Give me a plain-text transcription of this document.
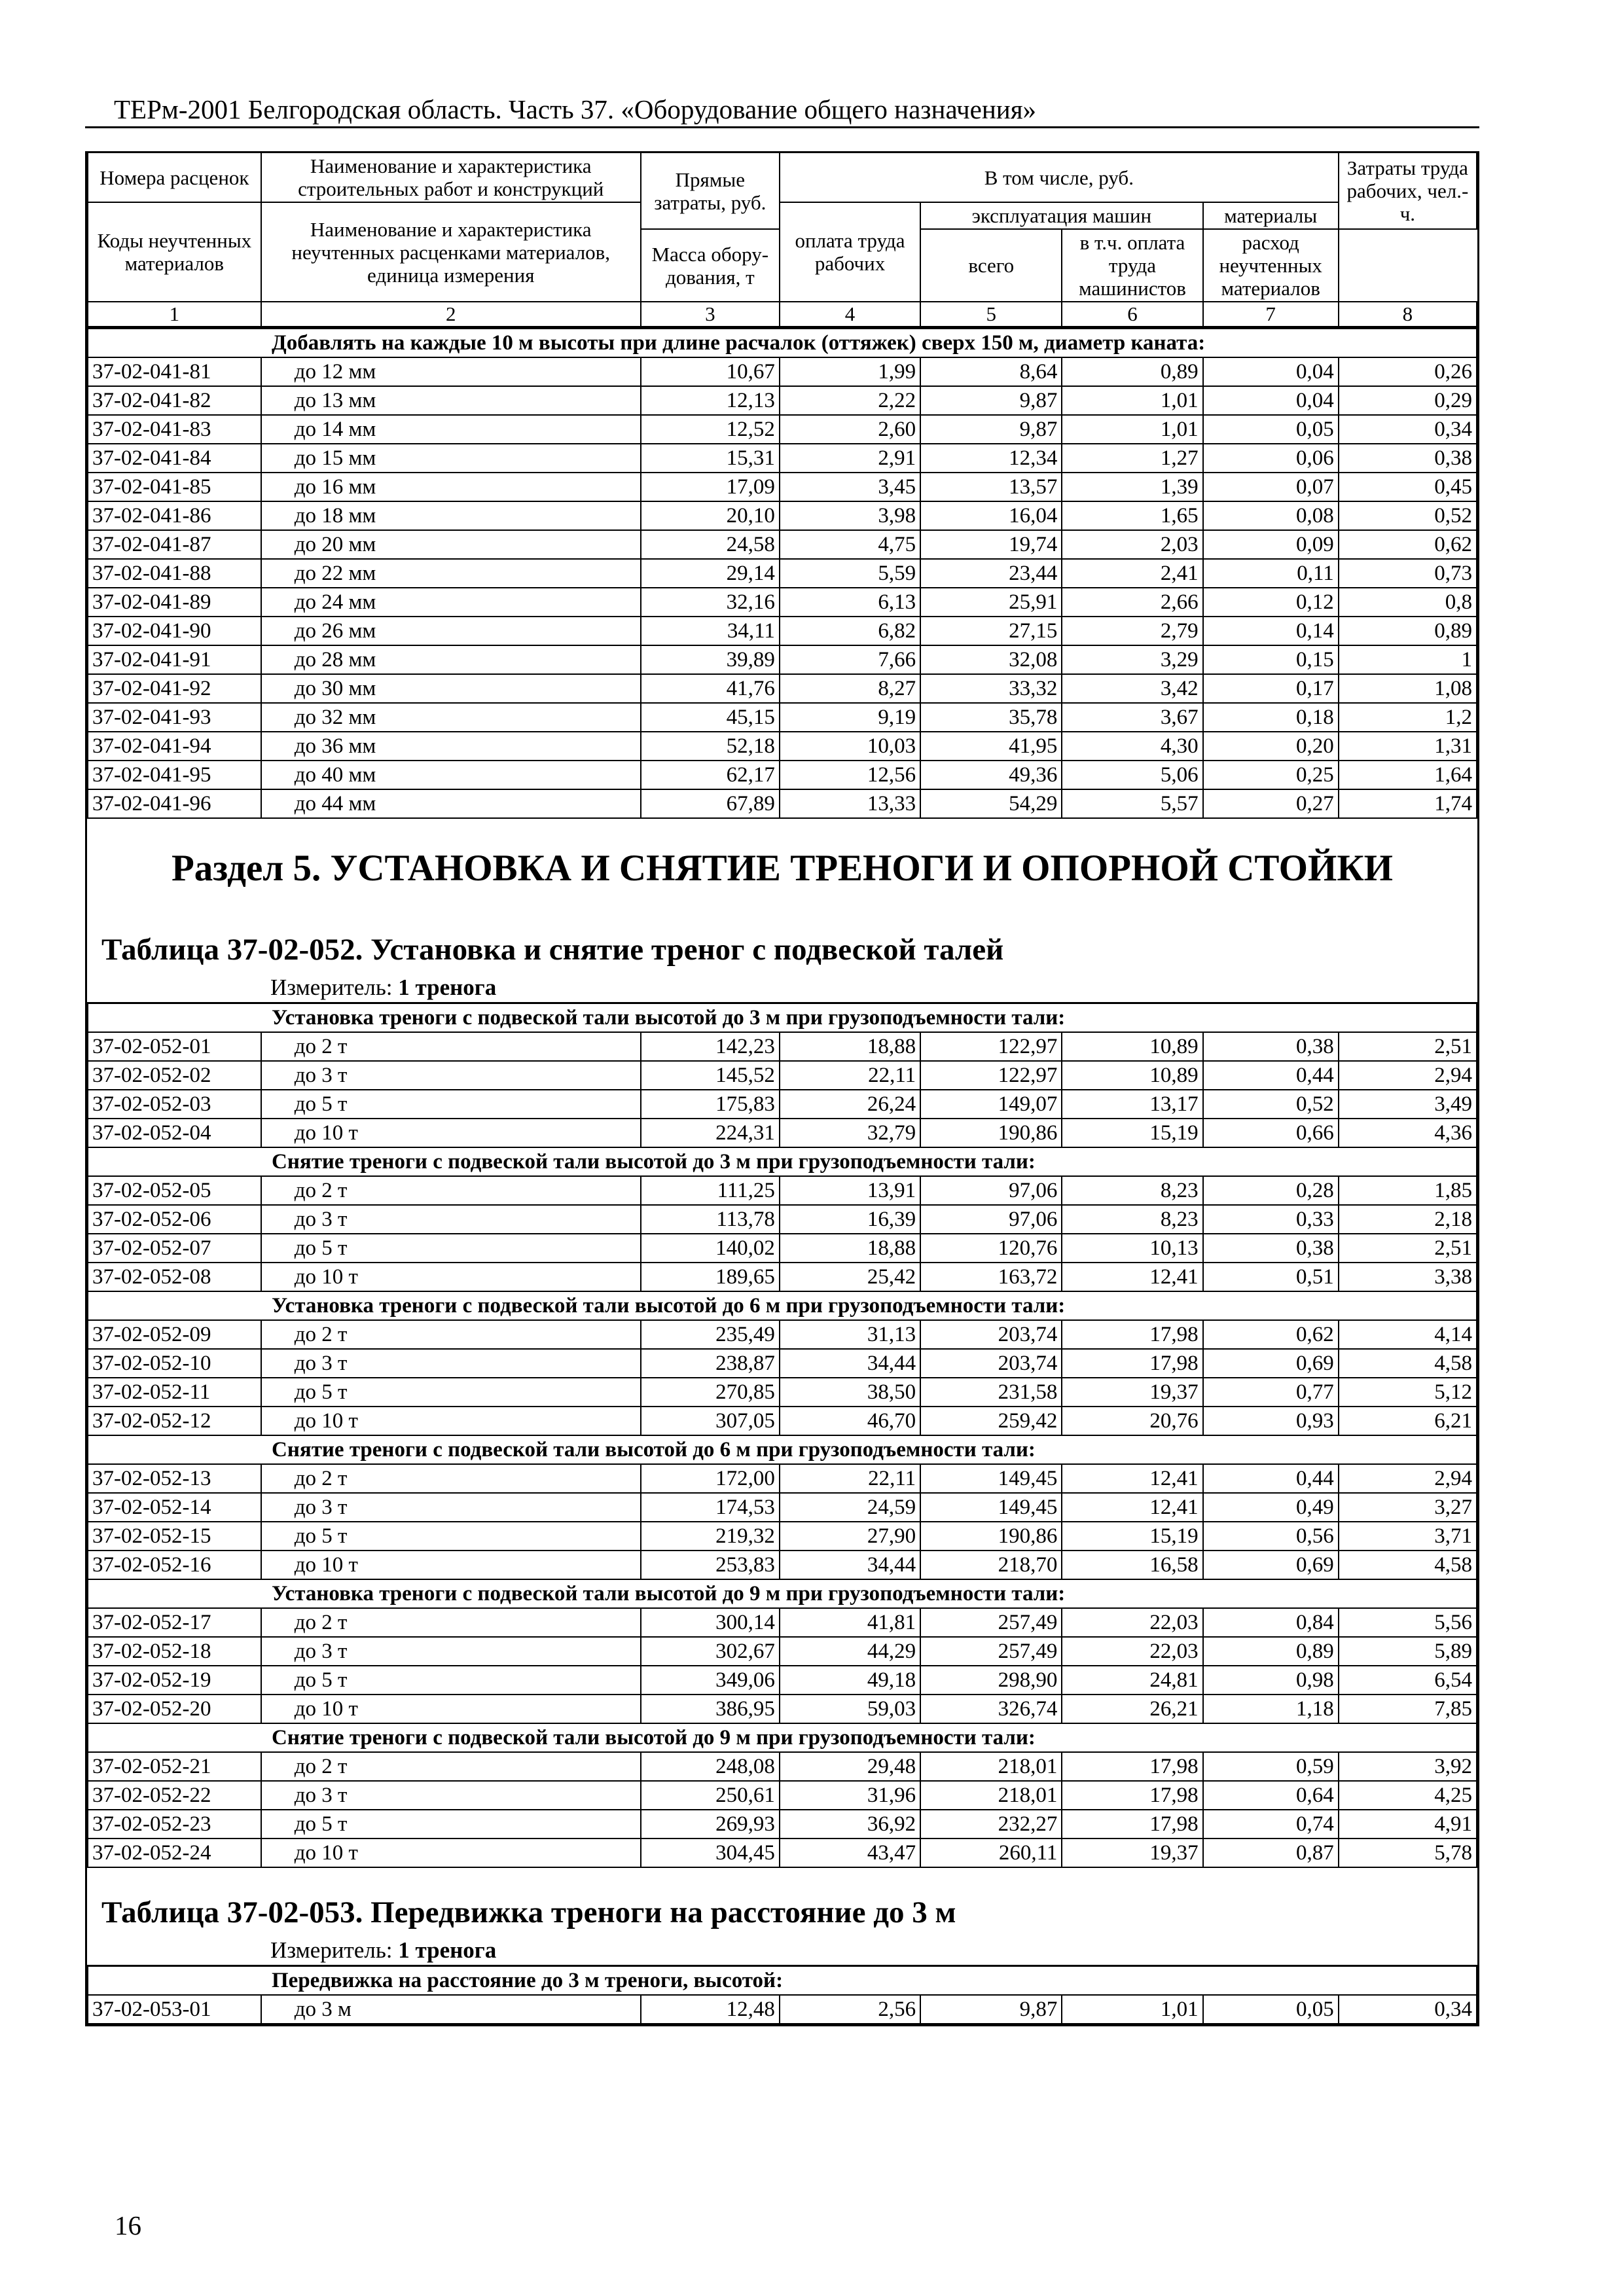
ТЕРм-2001 Белгородская область. Часть 37. «Оборудование общего назначения»
Номера расценок	Наименование и характеристика строительных работ и конструкций	Прямые затраты, руб.	В том числе, руб.				Затраты труда рабочих, чел.-ч.
Коды неучтенных материалов	Наименование и характеристика неучтенных расценками материалов, единица измерения		оплата труда рабочих	эксплуатация машин		материалы	
				всего	в т.ч. оплата труда машинистов	расход неучтенных материалов	
		Масса обору-дования, т					
1	2	3	4	5	6	7	8
Добавлять на каждые 10 м высоты при длине расчалок (оттяжек) сверх 150 м, диаметр каната:							
37-02-041-81	до 12 мм	10,67	1,99	8,64	0,89	0,04	0,26
37-02-041-82	до 13 мм	12,13	2,22	9,87	1,01	0,04	0,29
37-02-041-83	до 14 мм	12,52	2,60	9,87	1,01	0,05	0,34
37-02-041-84	до 15 мм	15,31	2,91	12,34	1,27	0,06	0,38
37-02-041-85	до 16 мм	17,09	3,45	13,57	1,39	0,07	0,45
37-02-041-86	до 18 мм	20,10	3,98	16,04	1,65	0,08	0,52
37-02-041-87	до 20 мм	24,58	4,75	19,74	2,03	0,09	0,62
37-02-041-88	до 22 мм	29,14	5,59	23,44	2,41	0,11	0,73
37-02-041-89	до 24 мм	32,16	6,13	25,91	2,66	0,12	0,8
37-02-041-90	до 26 мм	34,11	6,82	27,15	2,79	0,14	0,89
37-02-041-91	до 28 мм	39,89	7,66	32,08	3,29	0,15	1
37-02-041-92	до 30 мм	41,76	8,27	33,32	3,42	0,17	1,08
37-02-041-93	до 32 мм	45,15	9,19	35,78	3,67	0,18	1,2
37-02-041-94	до 36 мм	52,18	10,03	41,95	4,30	0,20	1,31
37-02-041-95	до 40 мм	62,17	12,56	49,36	5,06	0,25	1,64
37-02-041-96	до 44 мм	67,89	13,33	54,29	5,57	0,27	1,74
Раздел 5. УСТАНОВКА И СНЯТИЕ ТРЕНОГИ И ОПОРНОЙ СТОЙКИ
Таблица 37-02-052. Установка и снятие треног с подвеской талей
Измеритель: 1 тренога
Установка треноги с подвеской тали высотой до 3 м при грузоподъемности тали:							
37-02-052-01	до 2 т	142,23	18,88	122,97	10,89	0,38	2,51
37-02-052-02	до 3 т	145,52	22,11	122,97	10,89	0,44	2,94
37-02-052-03	до 5 т	175,83	26,24	149,07	13,17	0,52	3,49
37-02-052-04	до 10 т	224,31	32,79	190,86	15,19	0,66	4,36
Снятие треноги с подвеской тали высотой до 3 м при грузоподъемности тали:							
37-02-052-05	до 2 т	111,25	13,91	97,06	8,23	0,28	1,85
37-02-052-06	до 3 т	113,78	16,39	97,06	8,23	0,33	2,18
37-02-052-07	до 5 т	140,02	18,88	120,76	10,13	0,38	2,51
37-02-052-08	до 10 т	189,65	25,42	163,72	12,41	0,51	3,38
Установка треноги с подвеской тали высотой до 6 м при грузоподъемности тали:							
37-02-052-09	до 2 т	235,49	31,13	203,74	17,98	0,62	4,14
37-02-052-10	до 3 т	238,87	34,44	203,74	17,98	0,69	4,58
37-02-052-11	до 5 т	270,85	38,50	231,58	19,37	0,77	5,12
37-02-052-12	до 10 т	307,05	46,70	259,42	20,76	0,93	6,21
Снятие треноги с подвеской тали высотой до 6 м при грузоподъемности тали:							
37-02-052-13	до 2 т	172,00	22,11	149,45	12,41	0,44	2,94
37-02-052-14	до 3 т	174,53	24,59	149,45	12,41	0,49	3,27
37-02-052-15	до 5 т	219,32	27,90	190,86	15,19	0,56	3,71
37-02-052-16	до 10 т	253,83	34,44	218,70	16,58	0,69	4,58
Установка треноги с подвеской тали высотой до 9 м при грузоподъемности тали:							
37-02-052-17	до 2 т	300,14	41,81	257,49	22,03	0,84	5,56
37-02-052-18	до 3 т	302,67	44,29	257,49	22,03	0,89	5,89
37-02-052-19	до 5 т	349,06	49,18	298,90	24,81	0,98	6,54
37-02-052-20	до 10 т	386,95	59,03	326,74	26,21	1,18	7,85
Снятие треноги с подвеской тали высотой до 9 м при грузоподъемности тали:							
37-02-052-21	до 2 т	248,08	29,48	218,01	17,98	0,59	3,92
37-02-052-22	до 3 т	250,61	31,96	218,01	17,98	0,64	4,25
37-02-052-23	до 5 т	269,93	36,92	232,27	17,98	0,74	4,91
37-02-052-24	до 10 т	304,45	43,47	260,11	19,37	0,87	5,78
Таблица 37-02-053. Передвижка треноги на расстояние до 3 м
Измеритель: 1 тренога
Передвижка на расстояние до 3 м треноги, высотой:
37-02-053-01	до 3 м	12,48	2,56	9,87	1,01	0,05	0,34
16
